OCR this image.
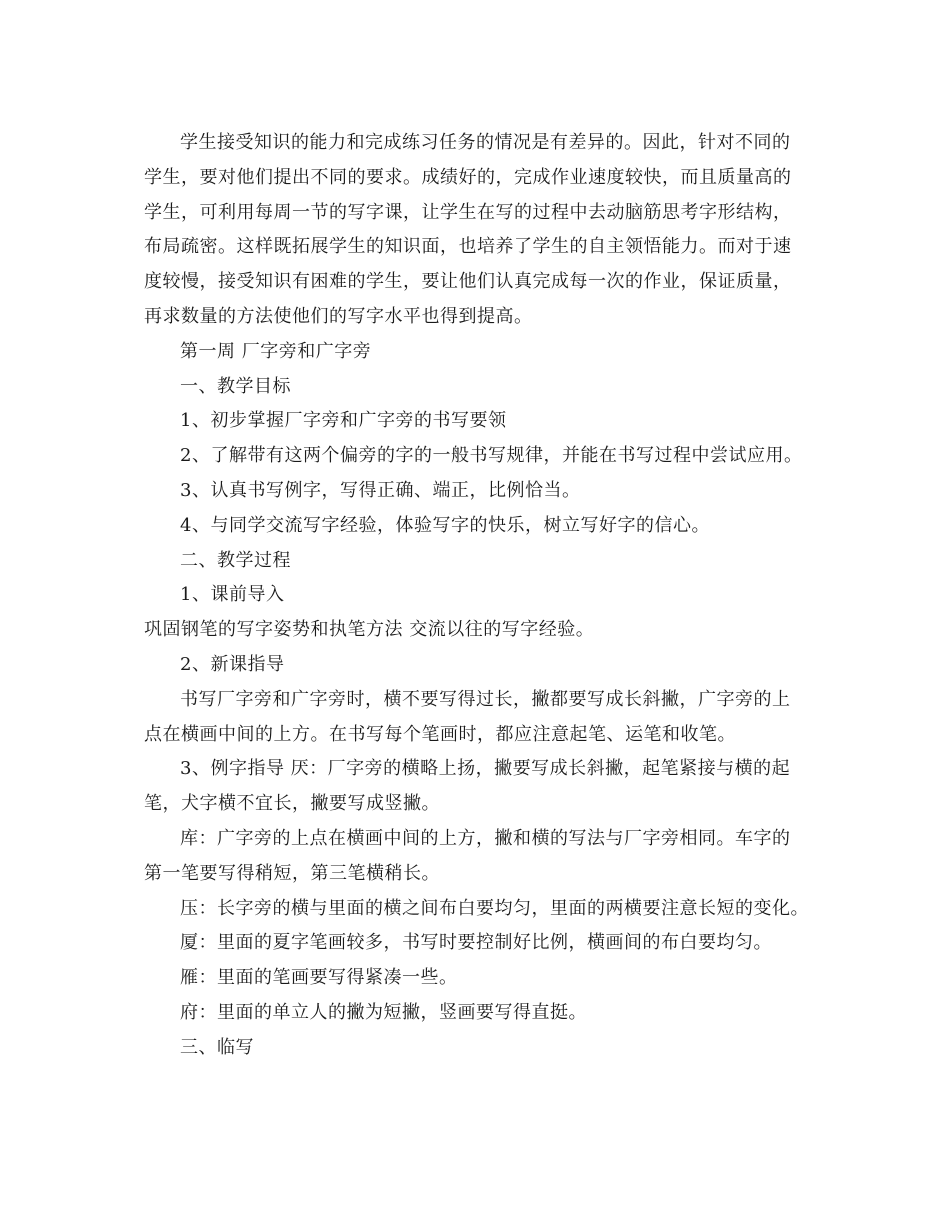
学生接受知识的能力和完成练习任务的情况是有差异的。因此，针对不同的
学生，要对他们提出不同的要求。成绩好的，完成作业速度较快，而且质量高的
学生，可利用每周一节的写字课，让学生在写的过程中去动脑筋思考字形结构，
布局疏密。这样既拓展学生的知识面，也培养了学生的自主领悟能力。而对于速
度较慢，接受知识有困难的学生，要让他们认真完成每一次的作业，保证质量，
再求数量的方法使他们的写字水平也得到提高。
第一周 厂字旁和广字旁
一、教学目标
1、初步掌握厂字旁和广字旁的书写要领
2、了解带有这两个偏旁的字的一般书写规律，并能在书写过程中尝试应用。
3、认真书写例字，写得正确、端正，比例恰当。
4、与同学交流写字经验，体验写字的快乐，树立写好字的信心。
二、教学过程
1、课前导入
巩固钢笔的写字姿势和执笔方法 交流以往的写字经验。
2、新课指导
书写厂字旁和广字旁时，横不要写得过长，撇都要写成长斜撇，广字旁的上
点在横画中间的上方。在书写每个笔画时，都应注意起笔、运笔和收笔。
3、例字指导 厌：厂字旁的横略上扬，撇要写成长斜撇，起笔紧接与横的起
笔，犬字横不宜长，撇要写成竖撇。
库：广字旁的上点在横画中间的上方，撇和横的写法与厂字旁相同。车字的
第一笔要写得稍短，第三笔横稍长。
压：长字旁的横与里面的横之间布白要均匀，里面的两横要注意长短的变化。
厦：里面的夏字笔画较多，书写时要控制好比例，横画间的布白要均匀。
雁：里面的笔画要写得紧凑一些。
府：里面的单立人的撇为短撇，竖画要写得直挺。
三、临写
